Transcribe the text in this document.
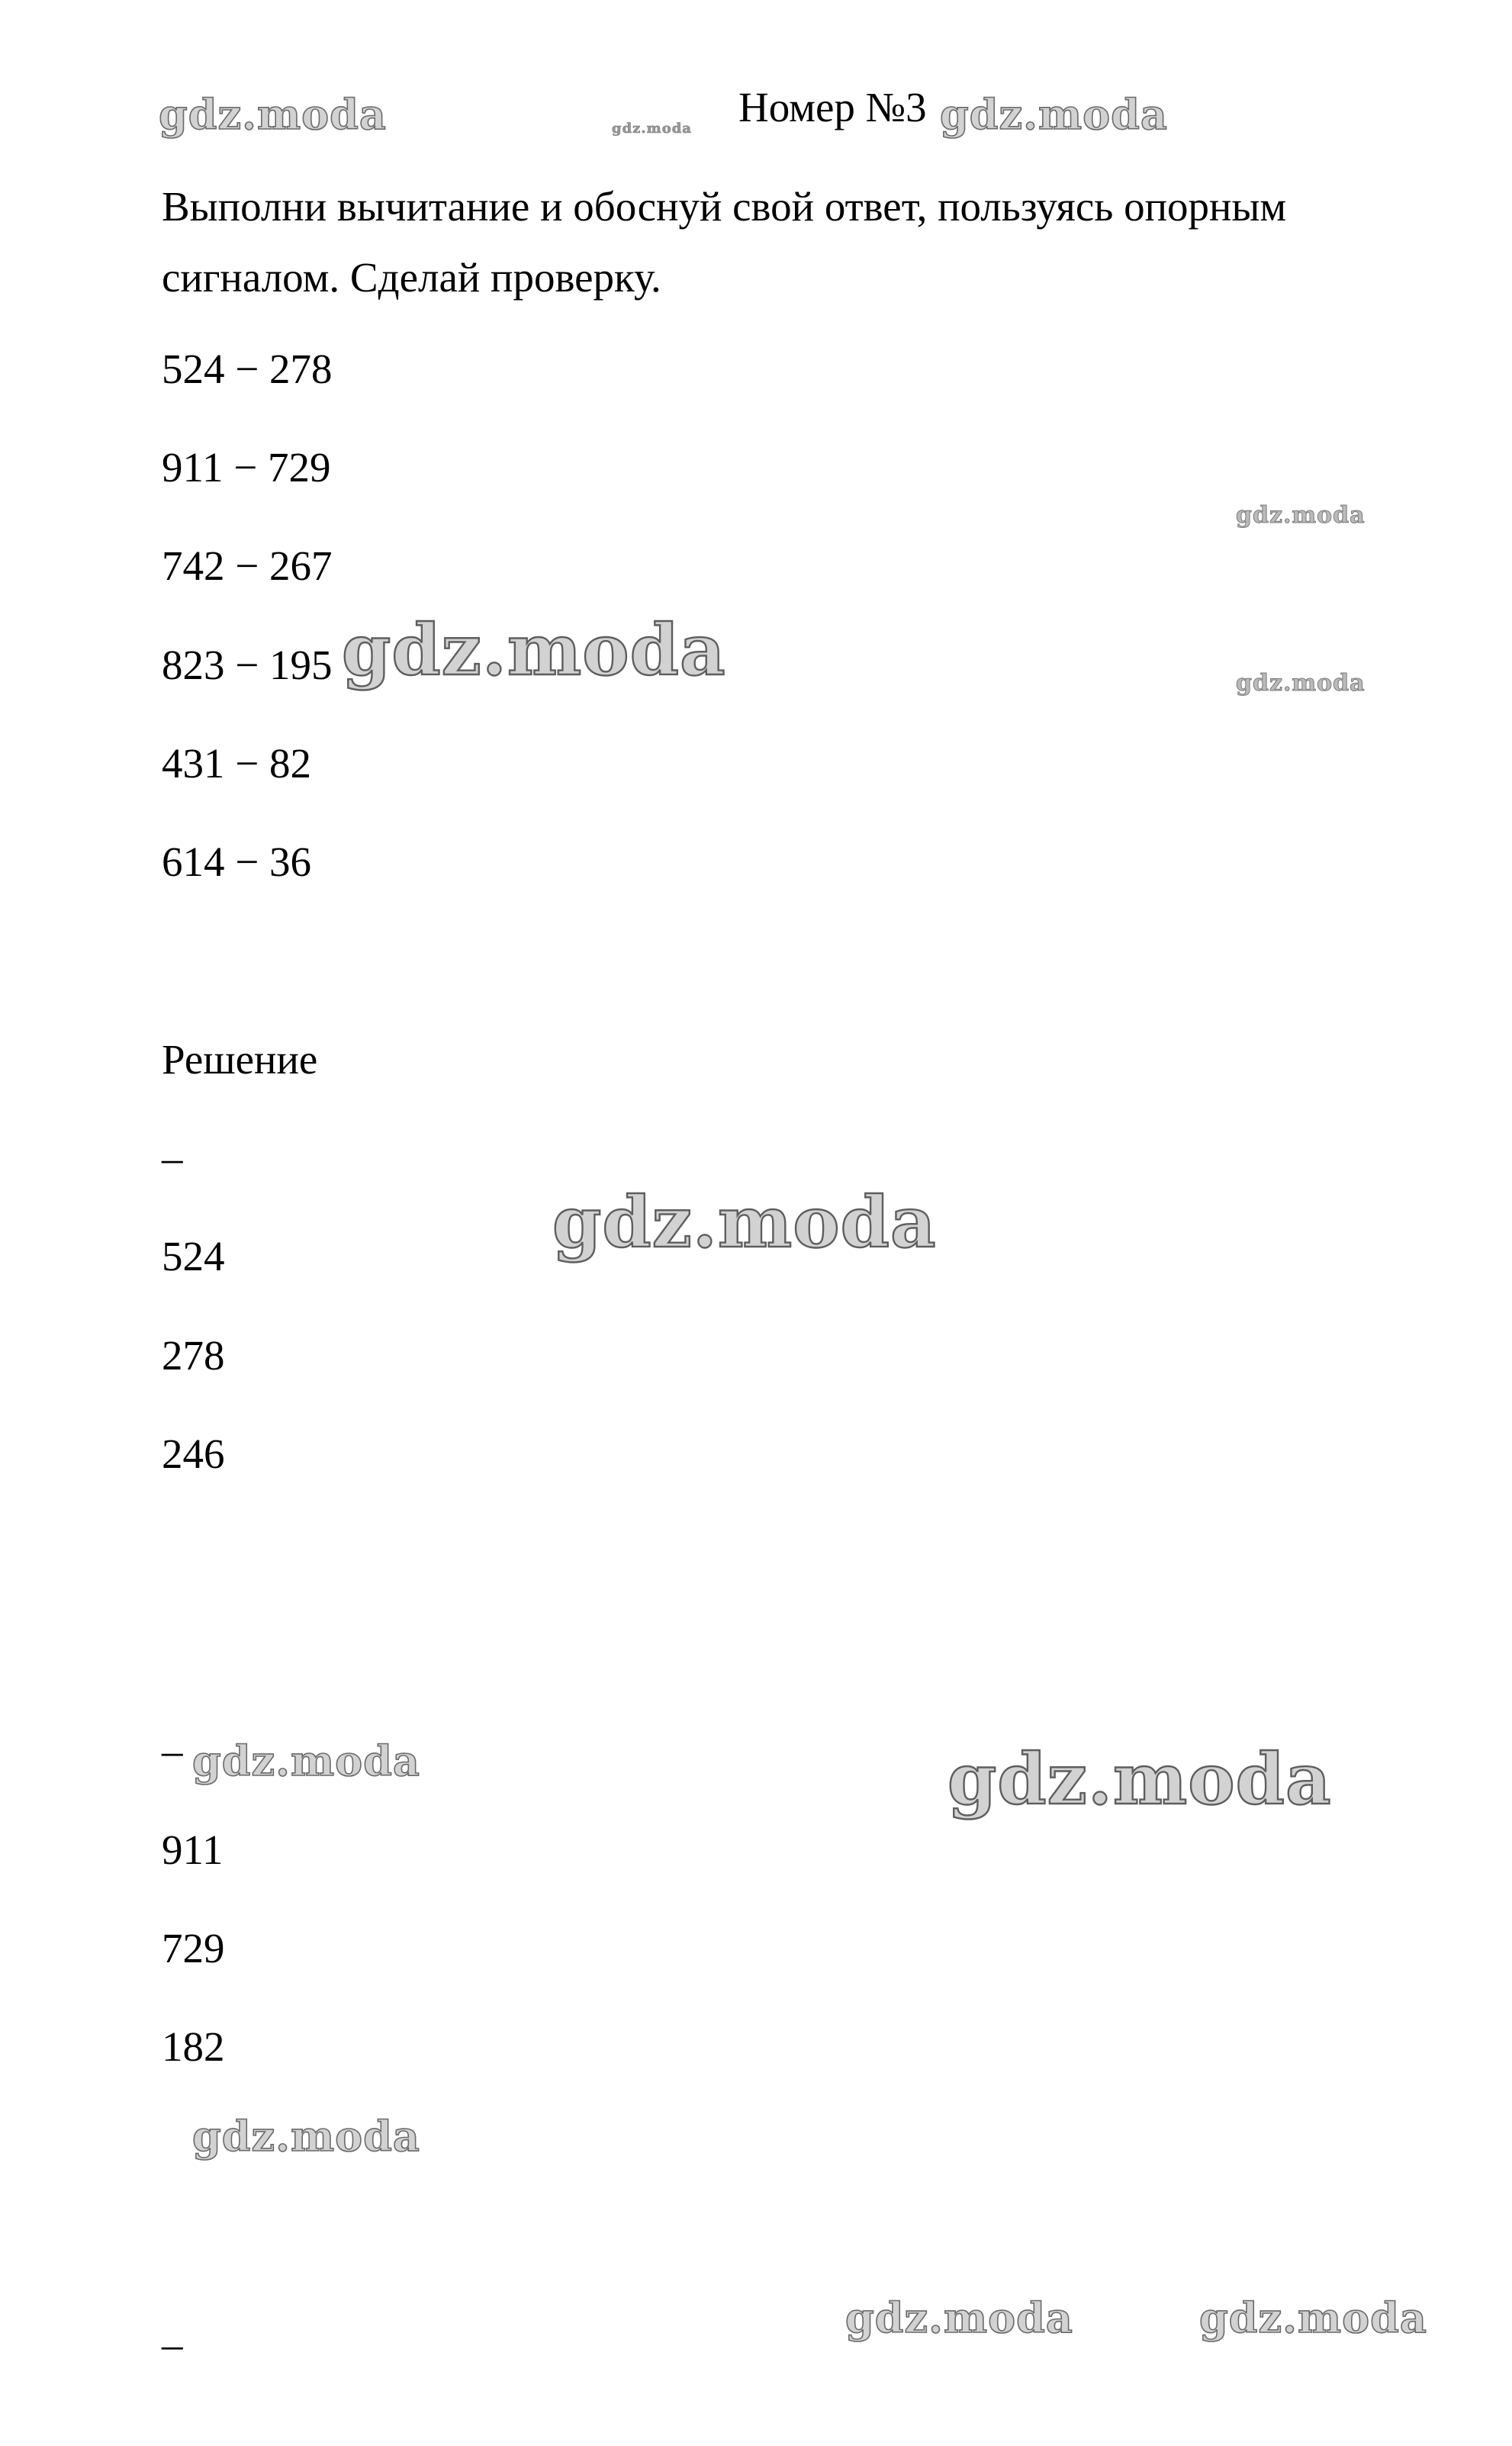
Номер №3
Выполни вычитание и обоснуй свой ответ, пользуясь опорным
сигналом. Сделай проверку.
524 − 278
911 − 729
742 − 267
823 − 195
431 − 82
614 − 36
Решение
–
524
278
246
–
911
729
182
–
gdz.moda	gdz.moda	gdz.moda
gdz.moda
gdz.moda	gdz.moda
gdz.moda
gdz.moda	gdz.moda
gdz.moda
gdz.moda	gdz.moda
